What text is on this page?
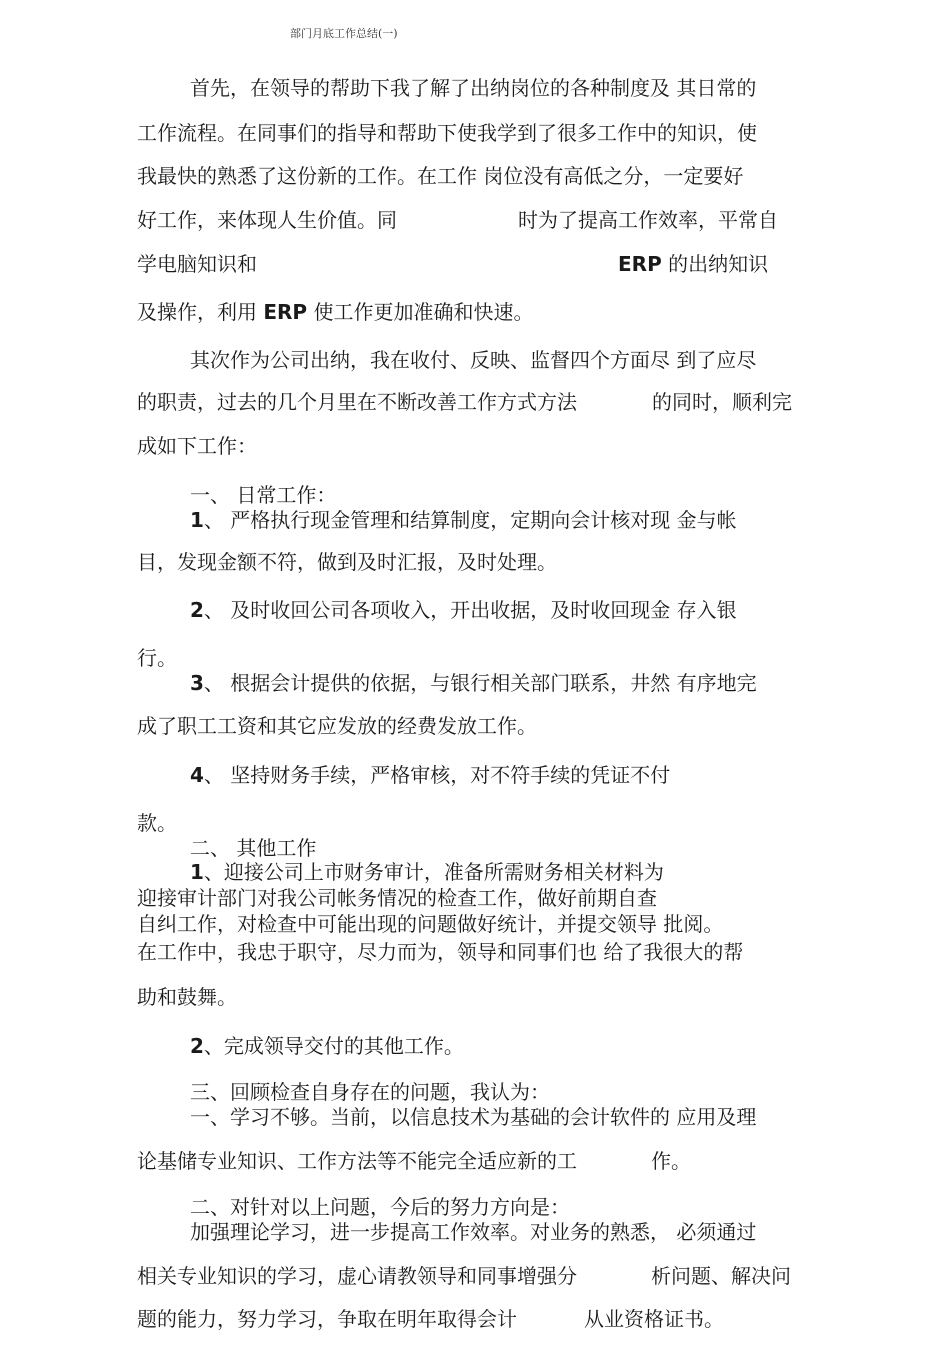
部门月底工作总结(一)
首先，在领导的帮助下我了解了出纳岗位的各种制度及 其日常的
工作流程。在同事们的指导和帮助下使我学到了很多工作中的知识，使
我最快的熟悉了这份新的工作。在工作 岗位没有高低之分，一定要好
好工作，来体现人生价值。同	时为了提高工作效率，平常自
学电脑知识和	ERP 的出纳知识
及操作，利用 ERP 使工作更加准确和快速。
其次作为公司出纳，我在收付、反映、监督四个方面尽 到了应尽
的职责，过去的几个月里在不断改善工作方式方法	的同时，顺利完
成如下工作：
一、 日常工作：
1、 严格执行现金管理和结算制度，定期向会计核对现 金与帐
目，发现金额不符，做到及时汇报，及时处理。
2、 及时收回公司各项收入，开出收据，及时收回现金 存入银
行。
3、 根据会计提供的依据，与银行相关部门联系，井然 有序地完
成了职工工资和其它应发放的经费发放工作。
4、 坚持财务手续，严格审核，对不符手续的凭证不付
款。
二、 其他工作
1、迎接公司上市财务审计，准备所需财务相关材料为
迎接审计部门对我公司帐务情况的检查工作，做好前期自查
自纠工作，对检查中可能出现的问题做好统计，并提交领导 批阅。
在工作中，我忠于职守，尽力而为，领导和同事们也 给了我很大的帮
助和鼓舞。
2、完成领导交付的其他工作。
三、回顾检查自身存在的问题，我认为：
一、学习不够。当前，以信息技术为基础的会计软件的 应用及理
论基储专业知识、工作方法等不能完全适应新的工	作。
二、对针对以上问题，今后的努力方向是：
加强理论学习，进一步提高工作效率。对业务的熟悉， 必须通过
相关专业知识的学习，虚心请教领导和同事增强分	析问题、解决问
题的能力，努力学习，争取在明年取得会计	从业资格证书。
